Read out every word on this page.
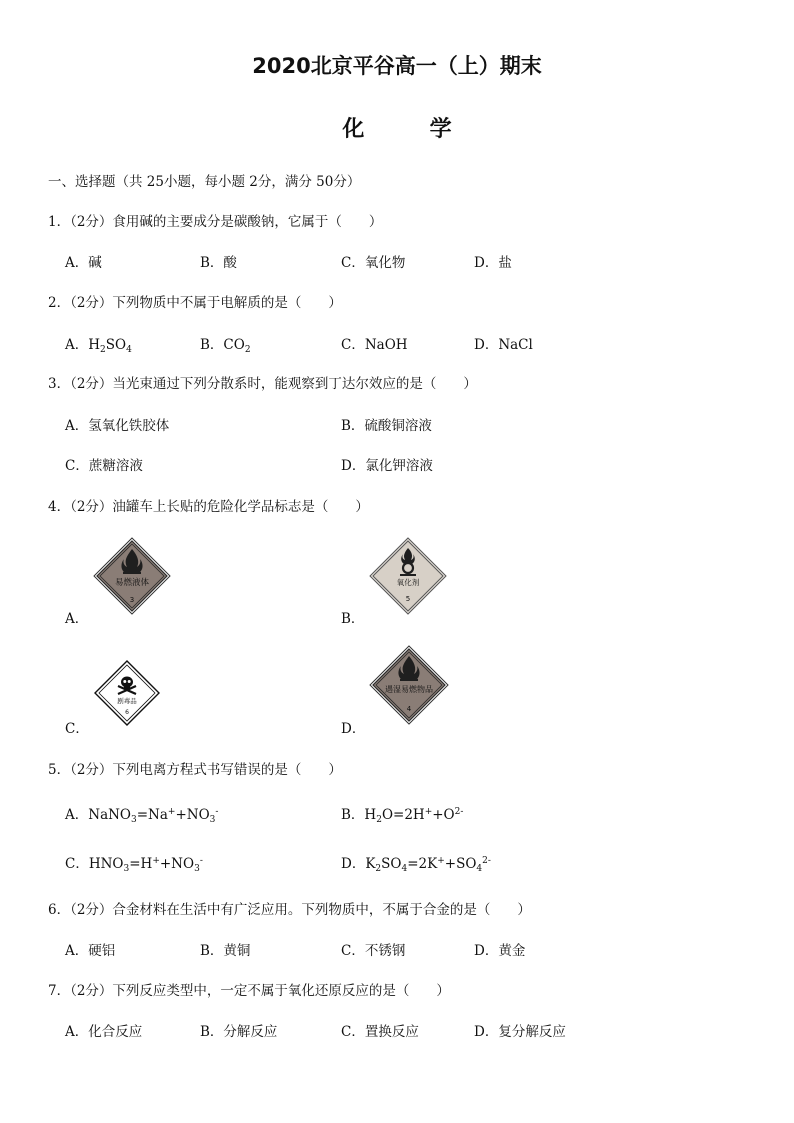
2020北京平谷高一（上）期末
化	学
一、选择题（共 25小题，每小题 2分，满分 50分）
1．（2分）食用碱的主要成分是碳酸钠，它属于（　　）
A．碱	B．酸	C．氧化物	D．盐
2．（2分）下列物质中不属于电解质的是（　　）
A．$H_2SO_4$	B．$CO_2$	C．NaOH	D．NaCl
3．（2分）当光束通过下列分散系时，能观察到丁达尔效应的是（　　）
A．氢氧化铁胶体	B．硫酸铜溶液
C．蔗糖溶液	D．氯化钾溶液
4．（2分）油罐车上长贴的危险化学品标志是（　　）
A．	B．
C．	D．
易燃液体
3
氧化剂
5
剧毒品
6
遇湿易燃物品
4
5．（2分）下列电离方程式书写错误的是（　　）
A．$NaNO_3=Na^++NO_3^-$	B．$H_2O=2H^++O^{2-}$
C．$HNO_3=H^++NO_3^-$	D．$K_2SO_4=2K^++SO_4^{2-}$
6．（2分）合金材料在生活中有广泛应用。下列物质中，不属于合金的是（　　）
A．硬铝	B．黄铜	C．不锈钢	D．黄金
7．（2分）下列反应类型中，一定不属于氧化还原反应的是（　　）
A．化合反应	B．分解反应	C．置换反应	D．复分解反应
